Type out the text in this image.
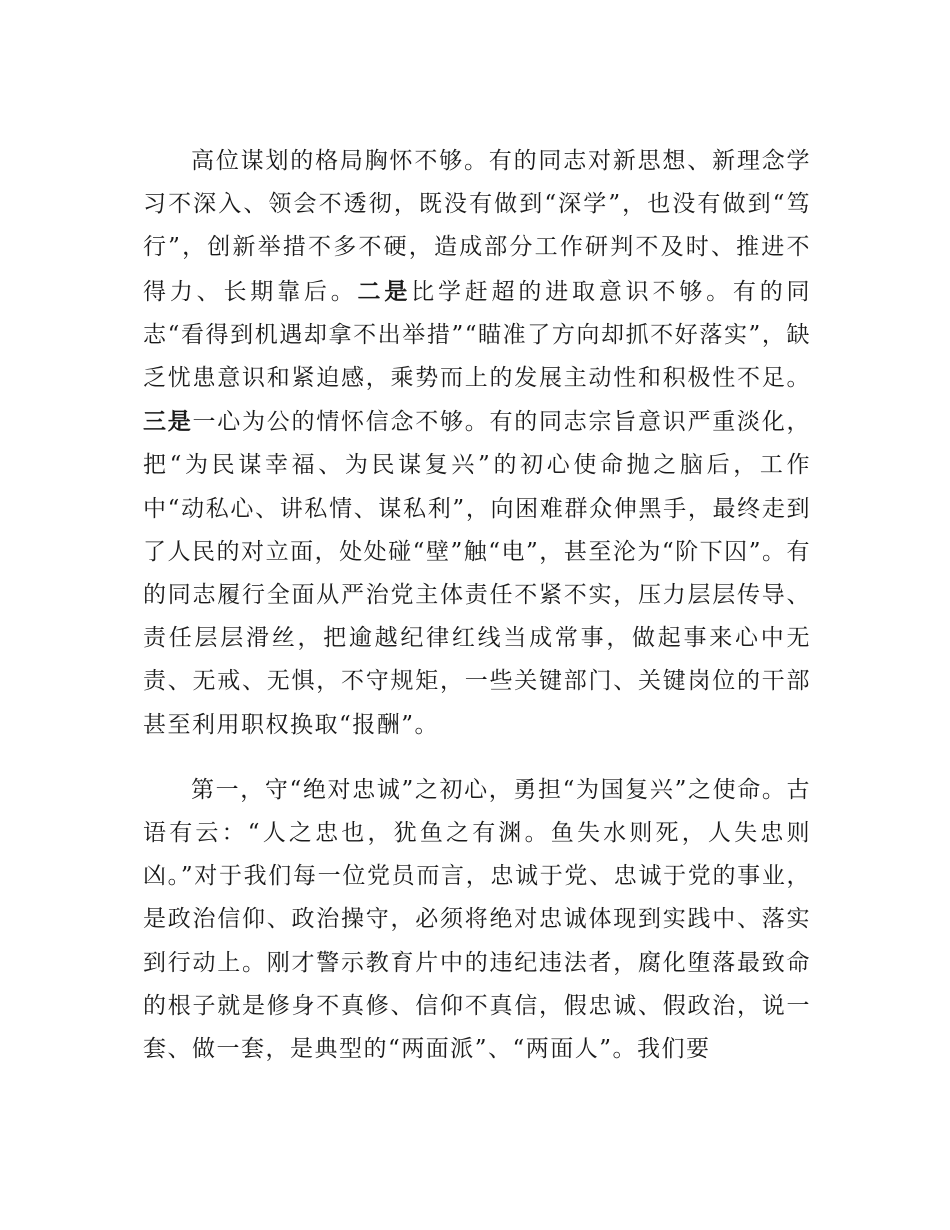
高位谋划的格局胸怀不够。有的同志对新思想、新理念学习不深入、领会不透彻，既没有做到“深学”，也没有做到“笃行”，创新举措不多不硬，造成部分工作研判不及时、推进不得力、长期靠后。二是比学赶超的进取意识不够。有的同志“看得到机遇却拿不出举措”“瞄准了方向却抓不好落实”，缺乏忧患意识和紧迫感，乘势而上的发展主动性和积极性不足。三是一心为公的情怀信念不够。有的同志宗旨意识严重淡化，把“为民谋幸福、为民谋复兴”的初心使命抛之脑后，工作中“动私心、讲私情、谋私利”，向困难群众伸黑手，最终走到了人民的对立面，处处碰“壁”触“电”，甚至沦为“阶下囚”。有的同志履行全面从严治党主体责任不紧不实，压力层层传导、责任层层滑丝，把逾越纪律红线当成常事，做起事来心中无责、无戒、无惧，不守规矩，一些关键部门、关键岗位的干部甚至利用职权换取“报酬”。

第一，守“绝对忠诚”之初心，勇担“为国复兴”之使命。古语有云：“人之忠也，犹鱼之有渊。鱼失水则死，人失忠则凶。”对于我们每一位党员而言，忠诚于党、忠诚于党的事业，是政治信仰、政治操守，必须将绝对忠诚体现到实践中、落实到行动上。刚才警示教育片中的违纪违法者，腐化堕落最致命的根子就是修身不真修、信仰不真信，假忠诚、假政治，说一套、做一套，是典型的“两面派”、“两面人”。我们要
